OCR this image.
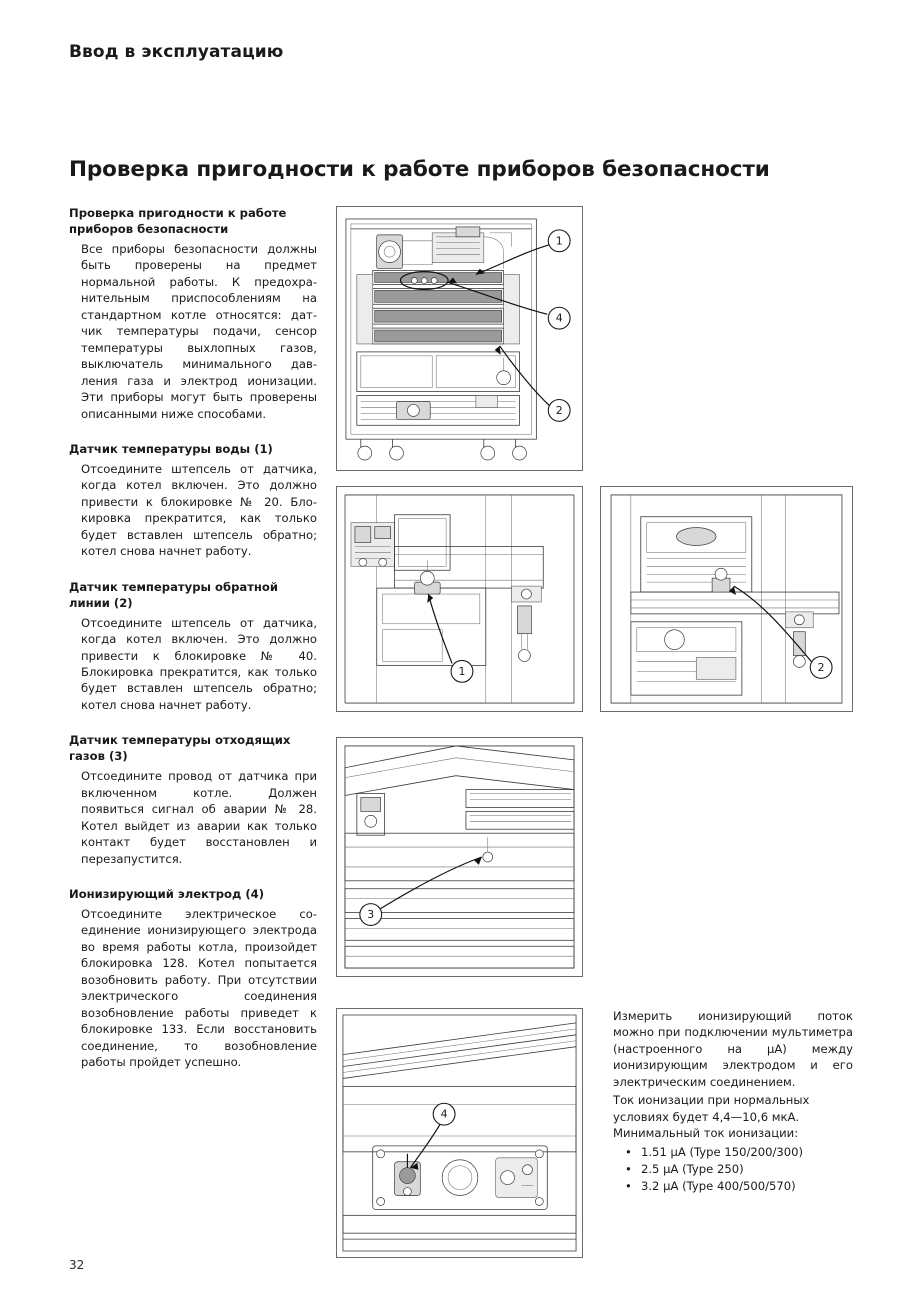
Ввод в эксплуатацию
Проверка пригодности к работе приборов безопасности
Проверка пригодности к работе приборов безопасности

Все приборы безопасности должны быть проверены на предмет нормальной работы. К предохранительным приспособлениям на стандартном котле относятся: датчик температуры подачи, сенсор температуры выхлопных газов, выключатель минимального давления газа и электрод ионизации. Эти приборы могут быть проверены описанными ниже способами.

Датчик температуры воды (1)

Отсоедините штепсель от датчика, когда котел включен. Это должно привести к блокировке № 20. Блокировка прекратится, как только будет вставлен штепсель обратно; котел снова начнет работу.

Датчик температуры обратной линии (2)

Отсоедините штепсель от датчика, когда котел включен. Это должно привести к блокировке № 40. Блокировка прекратится, как только будет вставлен штепсель обратно; котел снова начнет работу.

Датчик температуры отходящих газов (3)

Отсоедините провод от датчика при включенном котле. Должен появиться сигнал об аварии № 28. Котел выйдет из аварии как только контакт будет восстановлен и перезапустится.

Ионизирующий электрод (4)

Отсоедините электрическое соединение ионизирующего электрода во время работы котла, произойдет блокировка 128. Котел попытается возобновить работу. При отсутствии электрического соединения возобновление работы приведет к блокировке 133. Если восстановить соединение, то возобновление работы пройдет успешно.

Измерить ионизирующий поток можно при подключении мультиметра (настроенного на µA) между ионизирующим электродом и его электрическим соединением.

Ток ионизации при нормальных условиях будет 4,4—10,6 мкА.

Минимальный ток ионизации:

• 1.51 µA (Type 150/200/300)
• 2.5 µA (Type 250)
• 3.2 µA (Type 400/500/570)
1
4
2
1	2
3
4
32
